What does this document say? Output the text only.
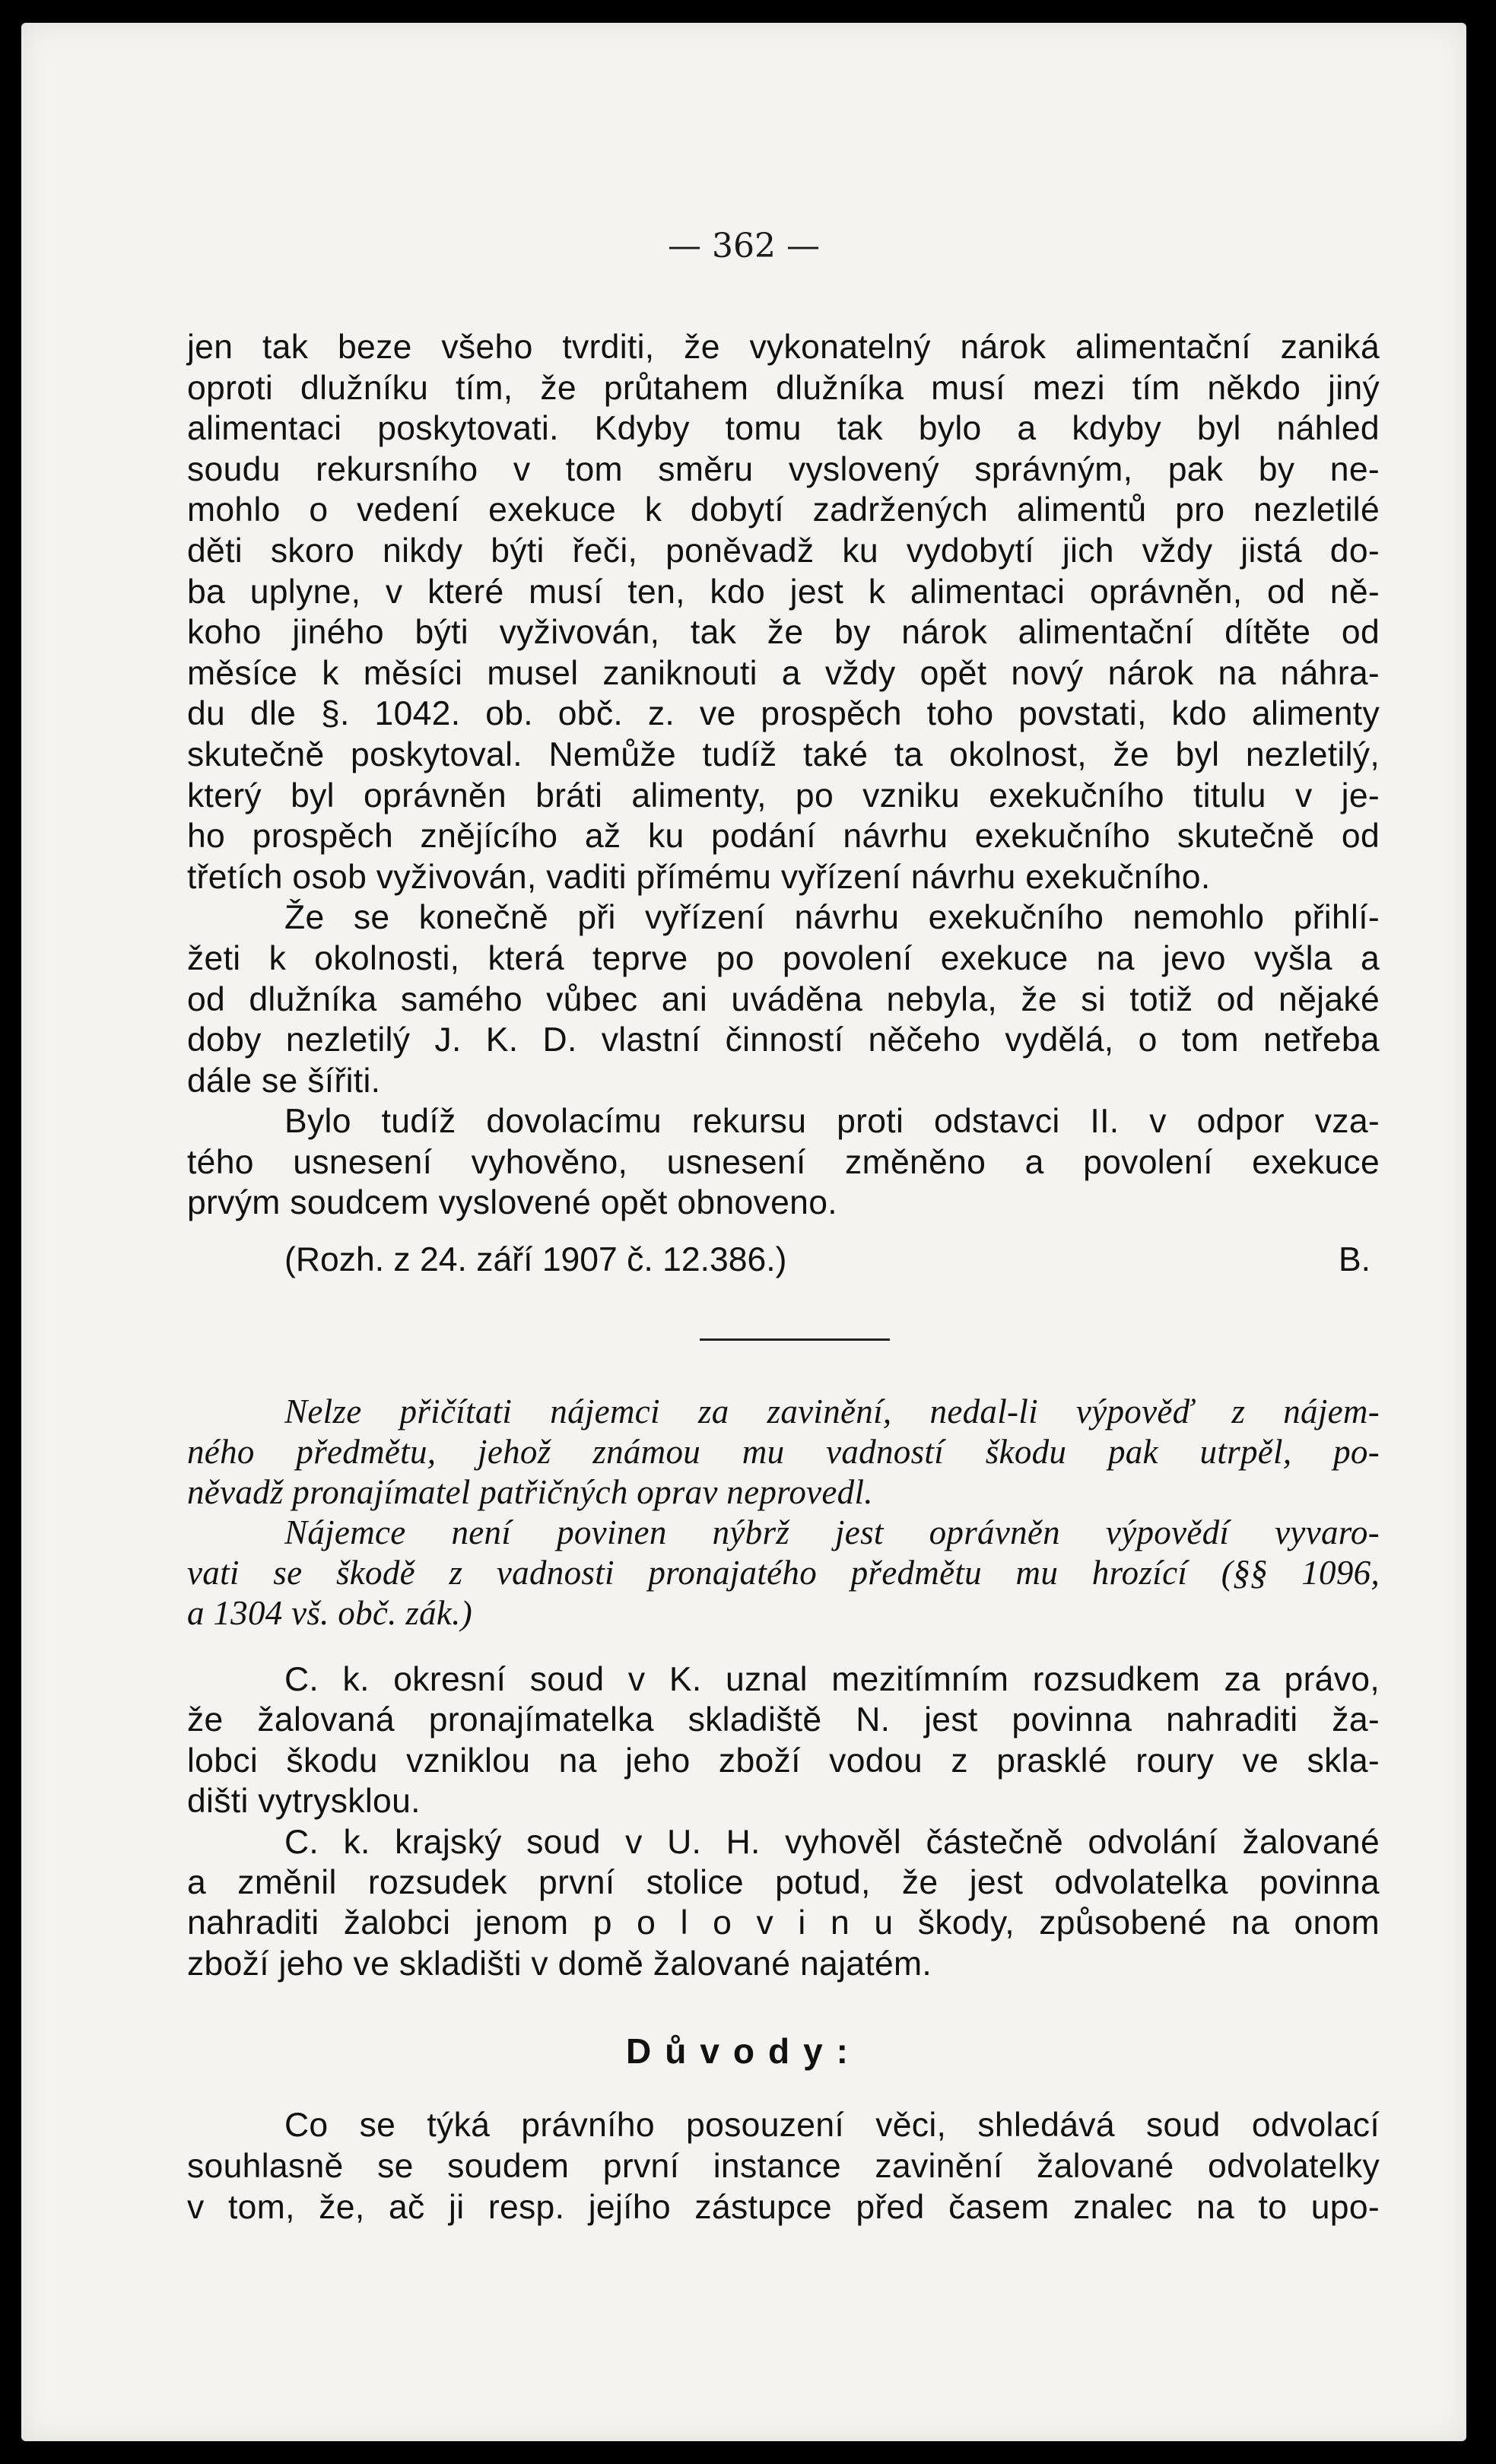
— 362 —

jen tak beze všeho tvrditi, že vykonatelný nárok alimentační zaniká

oproti dlužníku tím, že průtahem dlužníka musí mezi tím někdo jiný

alimentaci poskytovati. Kdyby tomu tak bylo a kdyby byl náhled

soudu rekursního v tom směru vyslovený správným, pak by ne-

mohlo o vedení exekuce k dobytí zadržených alimentů pro nezletilé

děti skoro nikdy býti řeči, poněvadž ku vydobytí jich vždy jistá do-

ba uplyne, v které musí ten, kdo jest k alimentaci oprávněn, od ně-

koho jiného býti vyživován, tak že by nárok alimentační dítěte od

měsíce k měsíci musel zaniknouti a vždy opět nový nárok na náhra-

du dle §. 1042. ob. obč. z. ve prospěch toho povstati, kdo alimenty

skutečně poskytoval. Nemůže tudíž také ta okolnost, že byl nezletilý,

který byl oprávněn bráti alimenty, po vzniku exekučního titulu v je-

ho prospěch znějícího až ku podání návrhu exekučního skutečně od

třetích osob vyživován, vaditi přímému vyřízení návrhu exekučního.

Že se konečně při vyřízení návrhu exekučního nemohlo přihlí-

žeti k okolnosti, která teprve po povolení exekuce na jevo vyšla a

od dlužníka samého vůbec ani uváděna nebyla, že si totiž od nějaké

doby nezletilý J. K. D. vlastní činností něčeho vydělá, o tom netřeba

dále se šířiti.

Bylo tudíž dovolacímu rekursu proti odstavci II. v odpor vza-

tého usnesení vyhověno, usnesení změněno a povolení exekuce

prvým soudcem vyslovené opět obnoveno.

(Rozh. z 24. září 1907 č. 12.386.)	B.

Nelze přičítati nájemci za zavinění, nedal-li výpověď z nájem-

ného předmětu, jehož známou mu vadností škodu pak utrpěl, po-

něvadž pronajímatel patřičných oprav neprovedl.

Nájemce není povinen nýbrž jest oprávněn výpovědí vyvaro-

vati se škodě z vadnosti pronajatého předmětu mu hrozící (§§ 1096,

a 1304 vš. obč. zák.)

C. k. okresní soud v K. uznal mezitímním rozsudkem za právo,

že žalovaná pronajímatelka skladiště N. jest povinna nahraditi ža-

lobci škodu vzniklou na jeho zboží vodou z prasklé roury ve skla-

dišti vytrysklou.

C. k. krajský soud v U. H. vyhověl částečně odvolání žalované

a změnil rozsudek první stolice potud, že jest odvolatelka povinna

nahraditi žalobci jenom p o l o v i n u škody, způsobené na onom

zboží jeho ve skladišti v domě žalované najatém.

Důvody:

Co se týká právního posouzení věci, shledává soud odvolací

souhlasně se soudem první instance zavinění žalované odvolatelky

v tom, že, ač ji resp. jejího zástupce před časem znalec na to upo-
